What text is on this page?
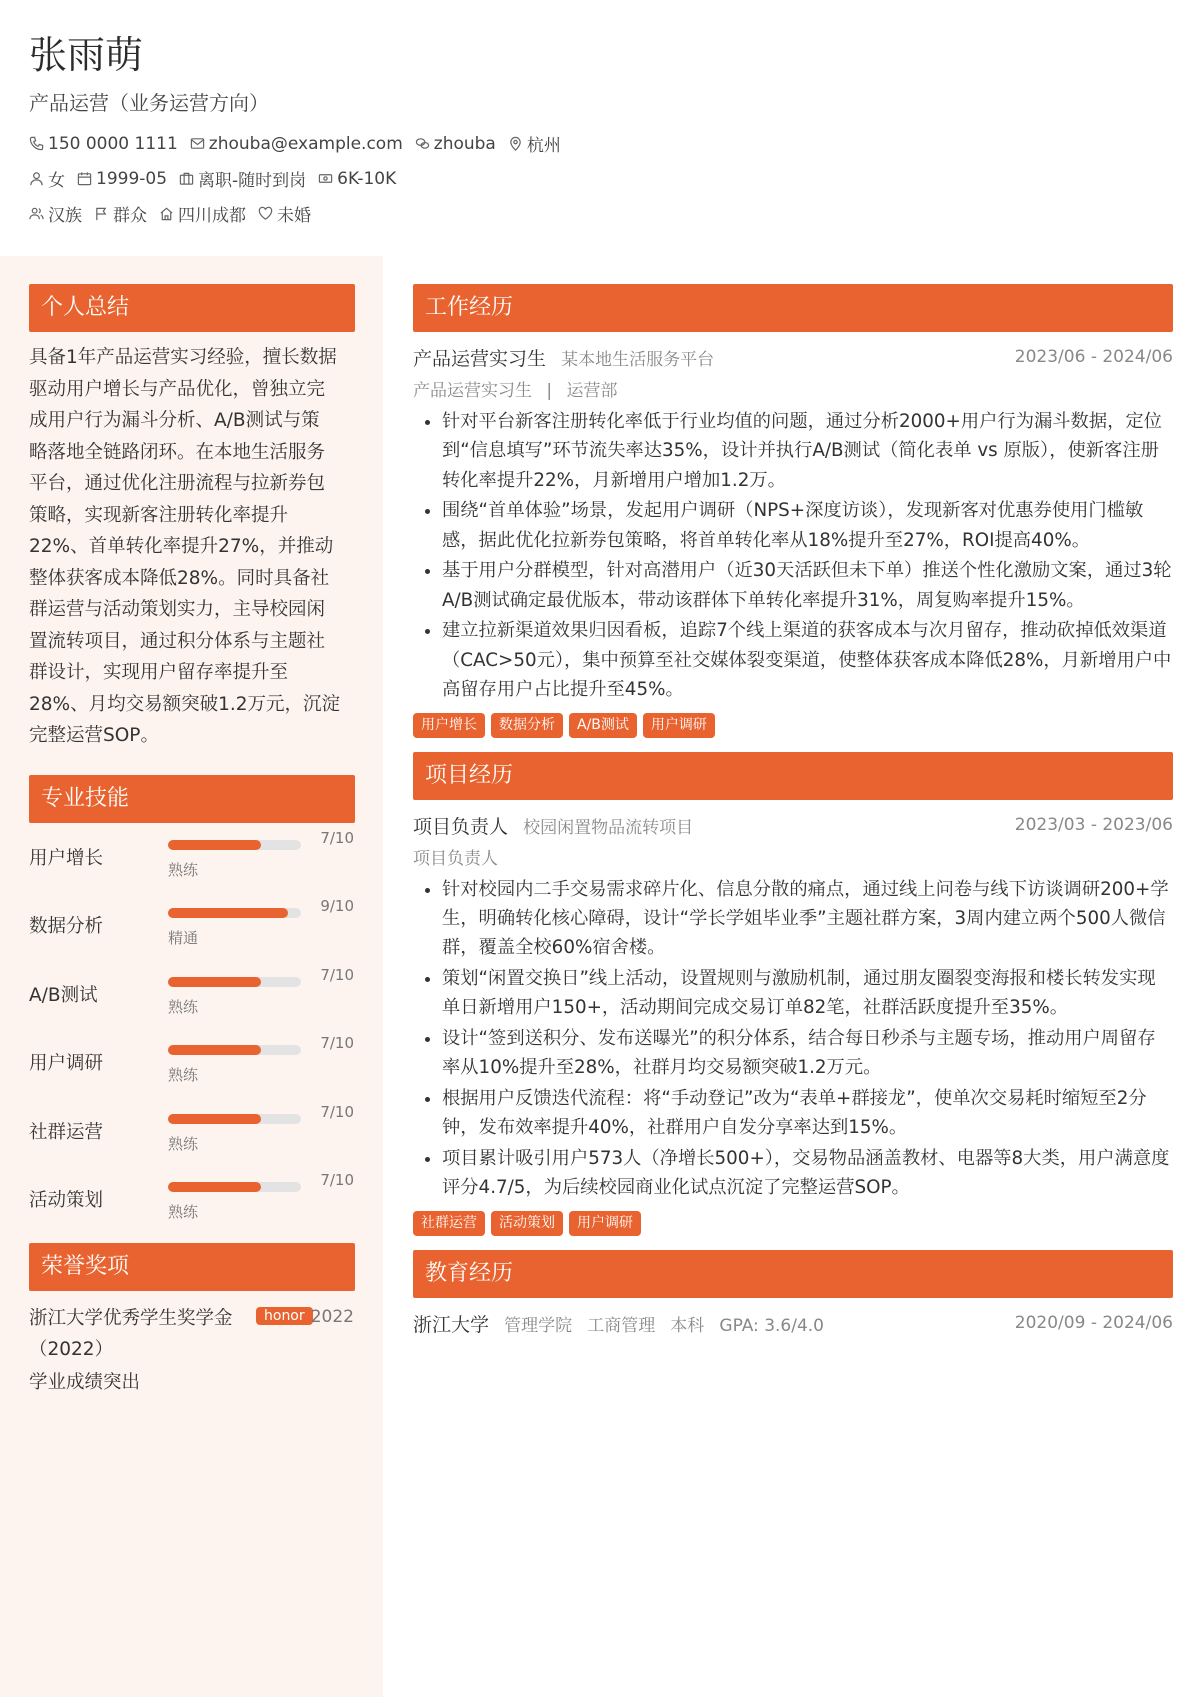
张雨萌
产品运营（业务运营方向）
150 0000 1111 zhouba@example.com zhouba 杭州
女 1999-05 离职-随时到岗 6K-10K
汉族 群众 四川成都 未婚
个人总结
具备1年产品运营实习经验，擅长数据
驱动用户增长与产品优化，曾独立完
成用户行为漏斗分析、A/B测试与策
略落地全链路闭环。在本地生活服务
平台，通过优化注册流程与拉新券包
策略，实现新客注册转化率提升
22%、首单转化率提升27%，并推动
整体获客成本降低28%。同时具备社
群运营与活动策划实力，主导校园闲
置流转项目，通过积分体系与主题社
群设计，实现用户留存率提升至
28%、月均交易额突破1.2万元，沉淀
完整运营SOP。
专业技能
用户增长
7/10
熟练
数据分析
9/10
精通
A/B测试
7/10
熟练
用户调研
7/10
熟练
社群运营
7/10
熟练
活动策划
7/10
熟练
荣誉奖项
浙江大学优秀学生奖学金（2022）
honor 2022
学业成绩突出
工作经历
产品运营实习生 某本地生活服务平台	2023/06 - 2024/06
产品运营实习生 | 运营部
• 针对平台新客注册转化率低于行业均值的问题，通过分析2000+用户行为漏斗数据，定位到“信息填写”环节流失率达35%，设计并执行A/B测试（简化表单 vs 原版），使新客注册转化率提升22%，月新增用户增加1.2万。
• 围绕“首单体验”场景，发起用户调研（NPS+深度访谈），发现新客对优惠券使用门槛敏感，据此优化拉新券包策略，将首单转化率从18%提升至27%，ROI提高40%。
• 基于用户分群模型，针对高潜用户（近30天活跃但未下单）推送个性化激励文案，通过3轮A/B测试确定最优版本，带动该群体下单转化率提升31%，周复购率提升15%。
• 建立拉新渠道效果归因看板，追踪7个线上渠道的获客成本与次月留存，推动砍掉低效渠道（CAC>50元），集中预算至社交媒体裂变渠道，使整体获客成本降低28%，月新增用户中高留存用户占比提升至45%。
用户增长	数据分析	A/B测试	用户调研
项目经历
项目负责人 校园闲置物品流转项目	2023/03 - 2023/06
项目负责人
• 针对校园内二手交易需求碎片化、信息分散的痛点，通过线上问卷与线下访谈调研200+学生，明确转化核心障碍，设计“学长学姐毕业季”主题社群方案，3周内建立两个500人微信群，覆盖全校60%宿舍楼。
• 策划“闲置交换日”线上活动，设置规则与激励机制，通过朋友圈裂变海报和楼长转发实现单日新增用户150+，活动期间完成交易订单82笔，社群活跃度提升至35%。
• 设计“签到送积分、发布送曝光”的积分体系，结合每日秒杀与主题专场，推动用户周留存率从10%提升至28%，社群月均交易额突破1.2万元。
• 根据用户反馈迭代流程：将“手动登记”改为“表单+群接龙”，使单次交易耗时缩短至2分钟，发布效率提升40%，社群用户自发分享率达到15%。
• 项目累计吸引用户573人（净增长500+），交易物品涵盖教材、电器等8大类，用户满意度评分4.7/5，为后续校园商业化试点沉淀了完整运营SOP。
社群运营	活动策划	用户调研
教育经历
浙江大学 管理学院 工商管理 本科 GPA: 3.6/4.0	2020/09 - 2024/06
